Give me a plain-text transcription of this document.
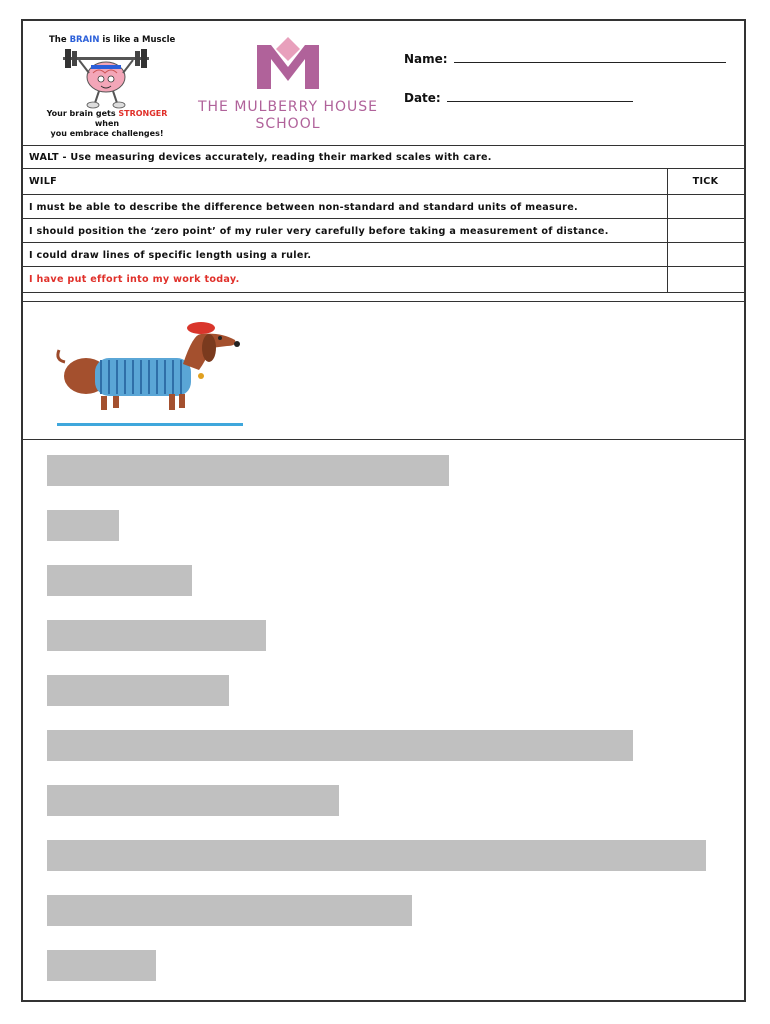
The BRAIN is like a Muscle
Your brain gets STRONGER when
you embrace challenges!
THE MULBERRY HOUSE
SCHOOL
Name:
Date:
WALT - Use measuring devices accurately, reading their marked scales with care.
WILF	TICK
I must be able to describe the difference between non-standard and standard units of measure.
I should position the ‘zero point’ of my ruler very carefully before taking a measurement of distance.
I could draw lines of specific length using a ruler.
I have put effort into my work today.
